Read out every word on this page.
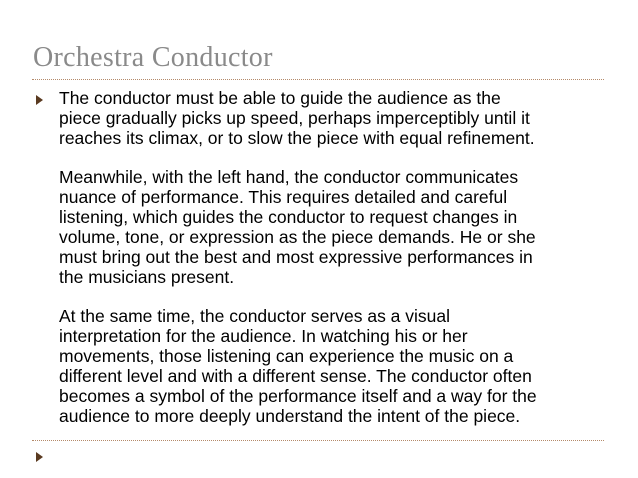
Orchestra Conductor

The conductor must be able to guide the audience as the
piece gradually picks up speed, perhaps imperceptibly until it
reaches its climax, or to slow the piece with equal refinement.

Meanwhile, with the left hand, the conductor communicates
nuance of performance. This requires detailed and careful
listening, which guides the conductor to request changes in
volume, tone, or expression as the piece demands. He or she
must bring out the best and most expressive performances in
the musicians present.

At the same time, the conductor serves as a visual
interpretation for the audience. In watching his or her
movements, those listening can experience the music on a
different level and with a different sense. The conductor often
becomes a symbol of the performance itself and a way for the
audience to more deeply understand the intent of the piece.
